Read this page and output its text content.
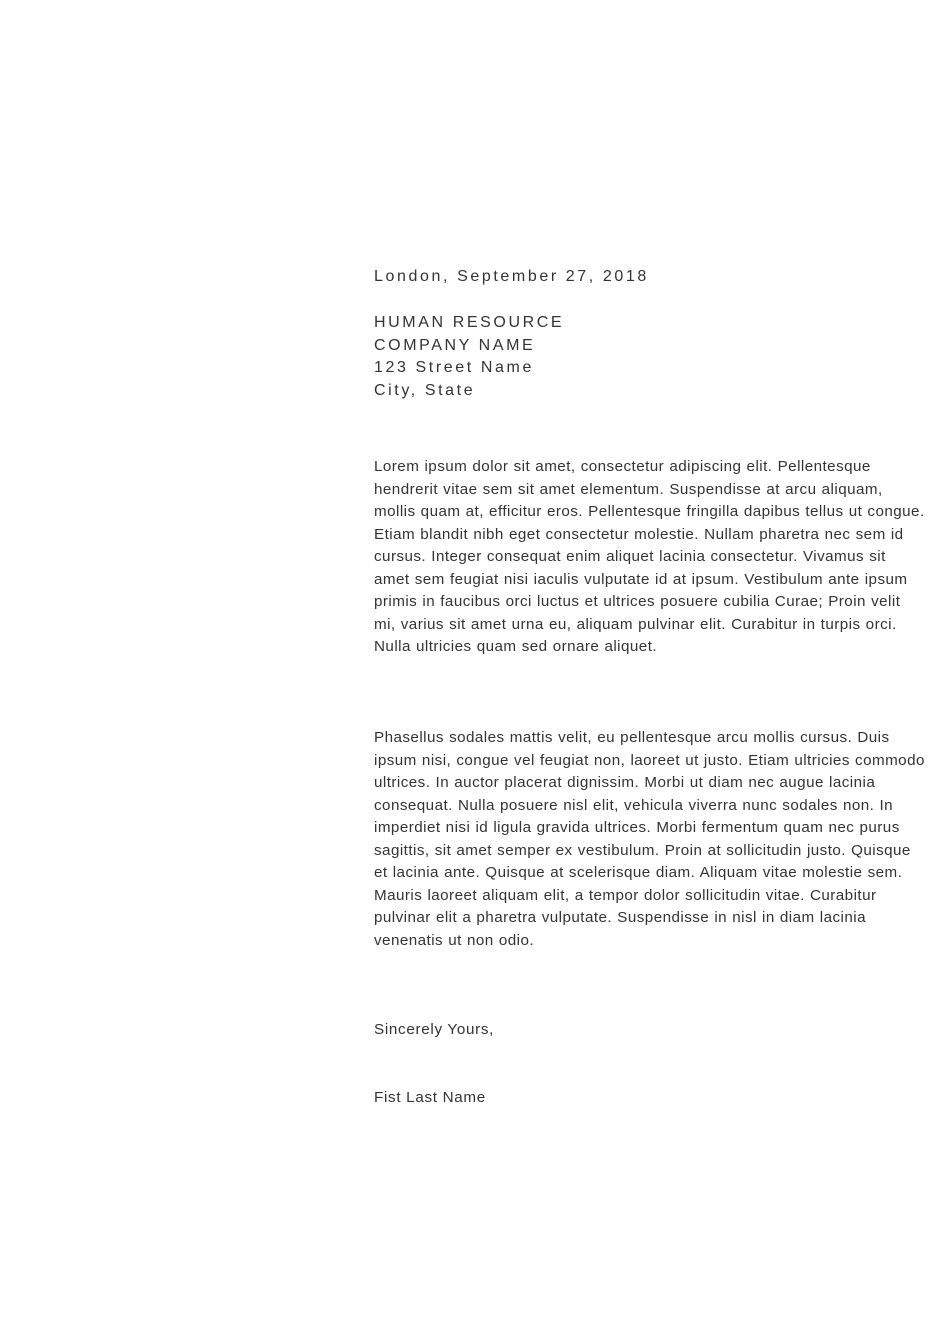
London, September 27, 2018
HUMAN RESOURCE
COMPANY NAME
123 Street Name
City, State

Lorem ipsum dolor sit amet, consectetur adipiscing elit. Pellentesque hendrerit vitae sem sit amet elementum. Suspendisse at arcu aliquam, mollis quam at, efficitur eros. Pellentesque fringilla dapibus tellus ut congue. Etiam blandit nibh eget consectetur molestie. Nullam pharetra nec sem id cursus. Integer consequat enim aliquet lacinia consectetur. Vivamus sit amet sem feugiat nisi iaculis vulputate id at ipsum. Vestibulum ante ipsum primis in faucibus orci luctus et ultrices posuere cubilia Curae; Proin velit mi, varius sit amet urna eu, aliquam pulvinar elit. Curabitur in turpis orci. Nulla ultricies quam sed ornare aliquet.

Phasellus sodales mattis velit, eu pellentesque arcu mollis cursus. Duis ipsum nisi, congue vel feugiat non, laoreet ut justo. Etiam ultricies commodo ultrices. In auctor placerat dignissim. Morbi ut diam nec augue lacinia consequat. Nulla posuere nisl elit, vehicula viverra nunc sodales non. In imperdiet nisi id ligula gravida ultrices. Morbi fermentum quam nec purus sagittis, sit amet semper ex vestibulum. Proin at sollicitudin justo. Quisque et lacinia ante. Quisque at scelerisque diam. Aliquam vitae molestie sem. Mauris laoreet aliquam elit, a tempor dolor sollicitudin vitae. Curabitur pulvinar elit a pharetra vulputate. Suspendisse in nisl in diam lacinia venenatis ut non odio.

Sincerely Yours,
Fist Last Name
